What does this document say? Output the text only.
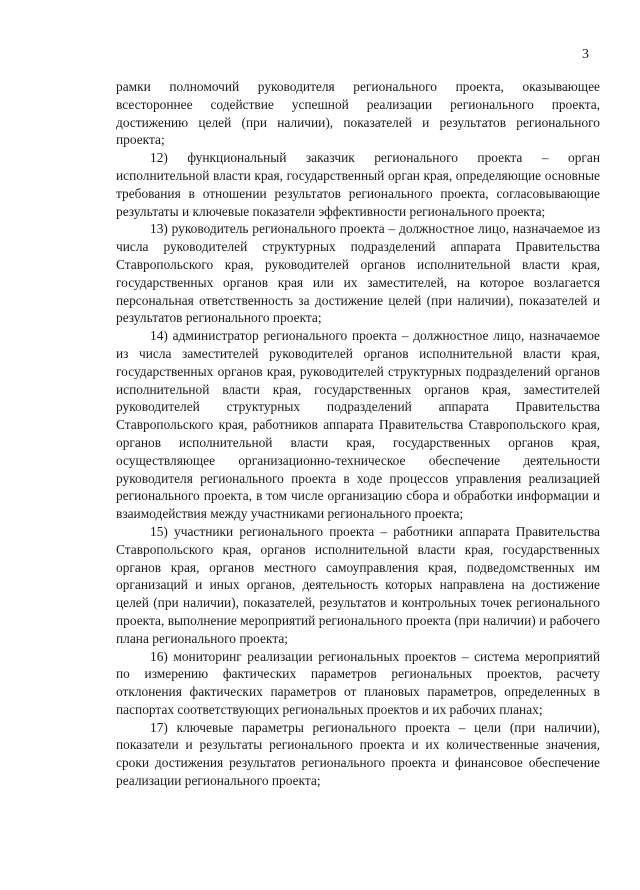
3

рамки полномочий руководителя регионального проекта, оказывающее всестороннее содействие успешной реализации регионального проекта, достижению целей (при наличии), показателей и результатов регионального проекта;

12) функциональный заказчик регионального проекта – орган исполнительной власти края, государственный орган края, определяющие основные требования в отношении результатов регионального проекта, согласовывающие результаты и ключевые показатели эффективности регионального проекта;

13) руководитель регионального проекта – должностное лицо, назначаемое из числа руководителей структурных подразделений аппарата Правительства Ставропольского края, руководителей органов исполнительной власти края, государственных органов края или их заместителей, на которое возлагается персональная ответственность за достижение целей (при наличии), показателей и результатов регионального проекта;

14) администратор регионального проекта – должностное лицо, назначаемое из числа заместителей руководителей органов исполнительной власти края, государственных органов края, руководителей структурных подразделений органов исполнительной власти края, государственных органов края, заместителей руководителей структурных подразделений аппарата Правительства Ставропольского края, работников аппарата Правительства Ставропольского края, органов исполнительной власти края, государственных органов края, осуществляющее организационно-техническое обеспечение деятельности руководителя регионального проекта в ходе процессов управления реализацией регионального проекта, в том числе организацию сбора и обработки информации и взаимодействия между участниками регионального проекта;

15) участники регионального проекта – работники аппарата Правительства Ставропольского края, органов исполнительной власти края, государственных органов края, органов местного самоуправления края, подведомственных им организаций и иных органов, деятельность которых направлена на достижение целей (при наличии), показателей, результатов и контрольных точек регионального проекта, выполнение мероприятий регионального проекта (при наличии) и рабочего плана регионального проекта;

16) мониторинг реализации региональных проектов – система мероприятий по измерению фактических параметров региональных проектов, расчету отклонения фактических параметров от плановых параметров, определенных в паспортах соответствующих региональных проектов и их рабочих планах;

17) ключевые параметры регионального проекта – цели (при наличии), показатели и результаты регионального проекта и их количественные значения, сроки достижения результатов регионального проекта и финансовое обеспечение реализации регионального проекта;
